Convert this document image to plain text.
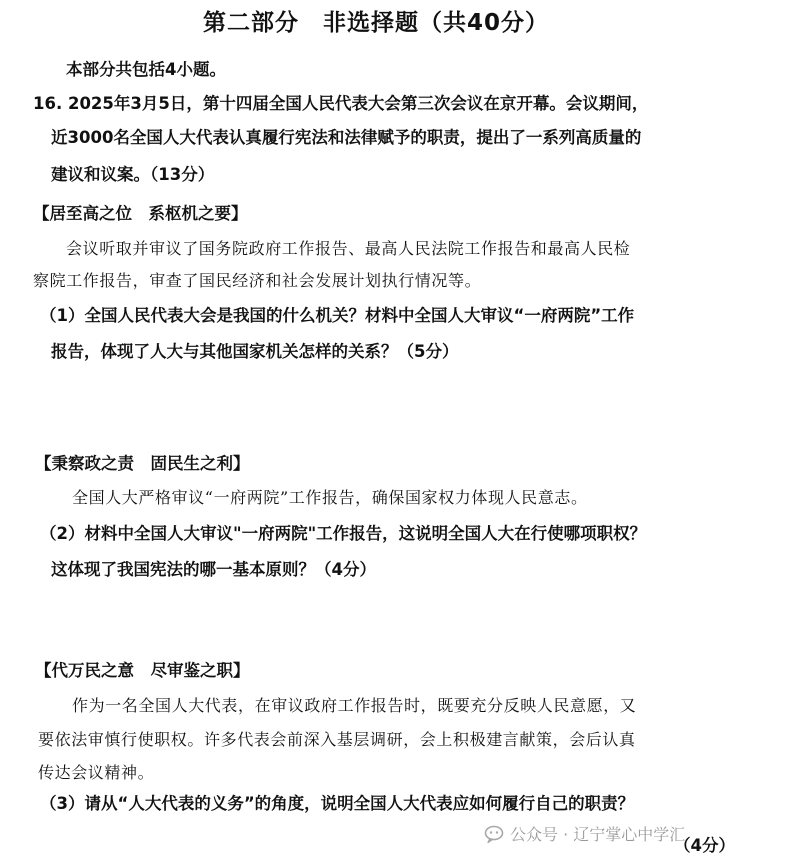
第二部分　非选择题（共40分）
本部分共包括4小题。
16. 2025年3月5日，第十四届全国人民代表大会第三次会议在京开幕。会议期间，
近3000名全国人大代表认真履行宪法和法律赋予的职责，提出了一系列高质量的
建议和议案。（13分）
【居至高之位　系枢机之要】
会议听取并审议了国务院政府工作报告、最高人民法院工作报告和最高人民检
察院工作报告，审查了国民经济和社会发展计划执行情况等。
（1）全国人民代表大会是我国的什么机关？材料中全国人大审议“一府两院”工作
报告，体现了人大与其他国家机关怎样的关系？（5分）
【秉察政之责　固民生之利】
全国人大严格审议“一府两院”工作报告，确保国家权力体现人民意志。
（2）材料中全国人大审议"一府两院"工作报告，这说明全国人大在行使哪项职权？
这体现了我国宪法的哪一基本原则？（4分）
【代万民之意　尽审鉴之职】
作为一名全国人大代表，在审议政府工作报告时，既要充分反映人民意愿，又
要依法审慎行使职权。许多代表会前深入基层调研，会上积极建言献策，会后认真
传达会议精神。
（3）请从“人大代表的义务”的角度，说明全国人大代表应如何履行自己的职责？
（4分）
公众号 · 辽宁掌心中学汇
